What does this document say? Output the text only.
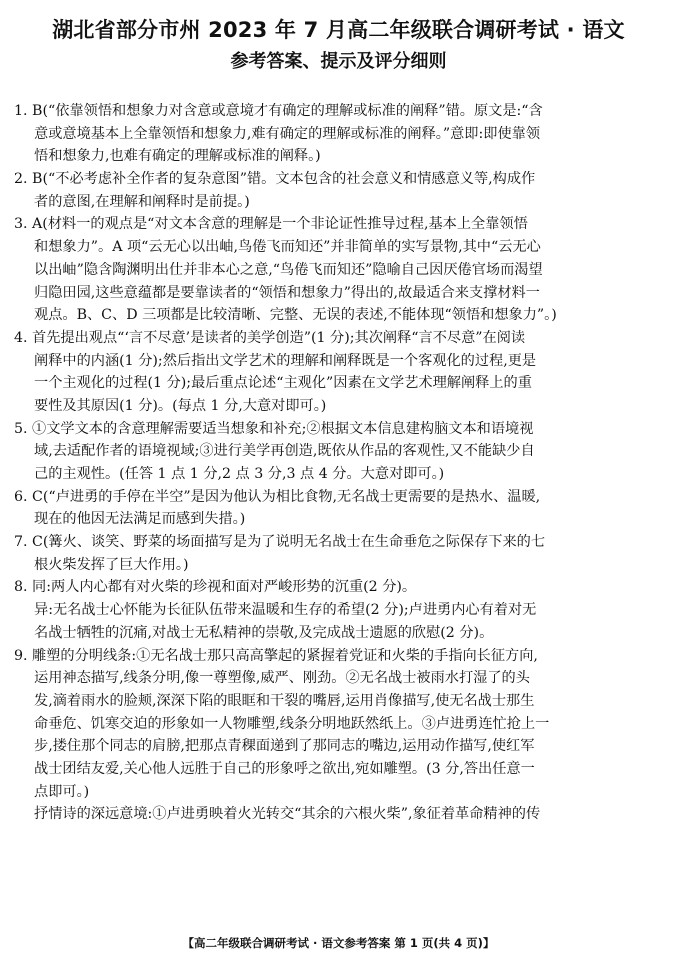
湖北省部分市州 2023 年 7 月高二年级联合调研考试 · 语文
参考答案、提示及评分细则
1. B(“依靠领悟和想象力对含意或意境才有确定的理解或标准的阐释”错。原文是:“含
意或意境基本上全靠领悟和想象力,难有确定的理解或标准的阐释。”意即:即使靠领
悟和想象力,也难有确定的理解或标准的阐释。)
2. B(“不必考虑补全作者的复杂意图”错。文本包含的社会意义和情感意义等,构成作
者的意图,在理解和阐释时是前提。)
3. A(材料一的观点是“对文本含意的理解是一个非论证性推导过程,基本上全靠领悟
和想象力”。A 项“云无心以出岫,鸟倦飞而知还”并非简单的实写景物,其中“云无心
以出岫”隐含陶渊明出仕并非本心之意,“鸟倦飞而知还”隐喻自己因厌倦官场而渴望
归隐田园,这些意蕴都是要靠读者的“领悟和想象力”得出的,故最适合来支撑材料一
观点。B、C、D 三项都是比较清晰、完整、无误的表述,不能体现“领悟和想象力”。)
4. 首先提出观点“‘言不尽意’是读者的美学创造”(1 分);其次阐释“言不尽意”在阅读
阐释中的内涵(1 分);然后指出文学艺术的理解和阐释既是一个客观化的过程,更是
一个主观化的过程(1 分);最后重点论述“主观化”因素在文学艺术理解阐释上的重
要性及其原因(1 分)。(每点 1 分,大意对即可。)
5. ①文学文本的含意理解需要适当想象和补充;②根据文本信息建构脑文本和语境视
域,去适配作者的语境视域;③进行美学再创造,既依从作品的客观性,又不能缺少自
己的主观性。(任答 1 点 1 分,2 点 3 分,3 点 4 分。大意对即可。)
6. C(“卢进勇的手停在半空”是因为他认为相比食物,无名战士更需要的是热水、温暖,
现在的他因无法满足而感到失措。)
7. C(篝火、谈笑、野菜的场面描写是为了说明无名战士在生命垂危之际保存下来的七
根火柴发挥了巨大作用。)
8. 同:两人内心都有对火柴的珍视和面对严峻形势的沉重(2 分)。
异:无名战士心怀能为长征队伍带来温暖和生存的希望(2 分);卢进勇内心有着对无
名战士牺牲的沉痛,对战士无私精神的崇敬,及完成战士遗愿的欣慰(2 分)。
9. 雕塑的分明线条:①无名战士那只高高擎起的紧握着党证和火柴的手指向长征方向,
运用神态描写,线条分明,像一尊塑像,威严、刚劲。②无名战士被雨水打湿了的头
发,滴着雨水的脸颊,深深下陷的眼眶和干裂的嘴唇,运用肖像描写,使无名战士那生
命垂危、饥寒交迫的形象如一人物雕塑,线条分明地跃然纸上。③卢进勇连忙抢上一
步,搂住那个同志的肩膀,把那点青稞面递到了那同志的嘴边,运用动作描写,使红军
战士团结友爱,关心他人远胜于自己的形象呼之欲出,宛如雕塑。(3 分,答出任意一
点即可。)
抒情诗的深远意境:①卢进勇映着火光转交“其余的六根火柴”,象征着革命精神的传
【高二年级联合调研考试 · 语文参考答案 第 1 页(共 4 页)】
